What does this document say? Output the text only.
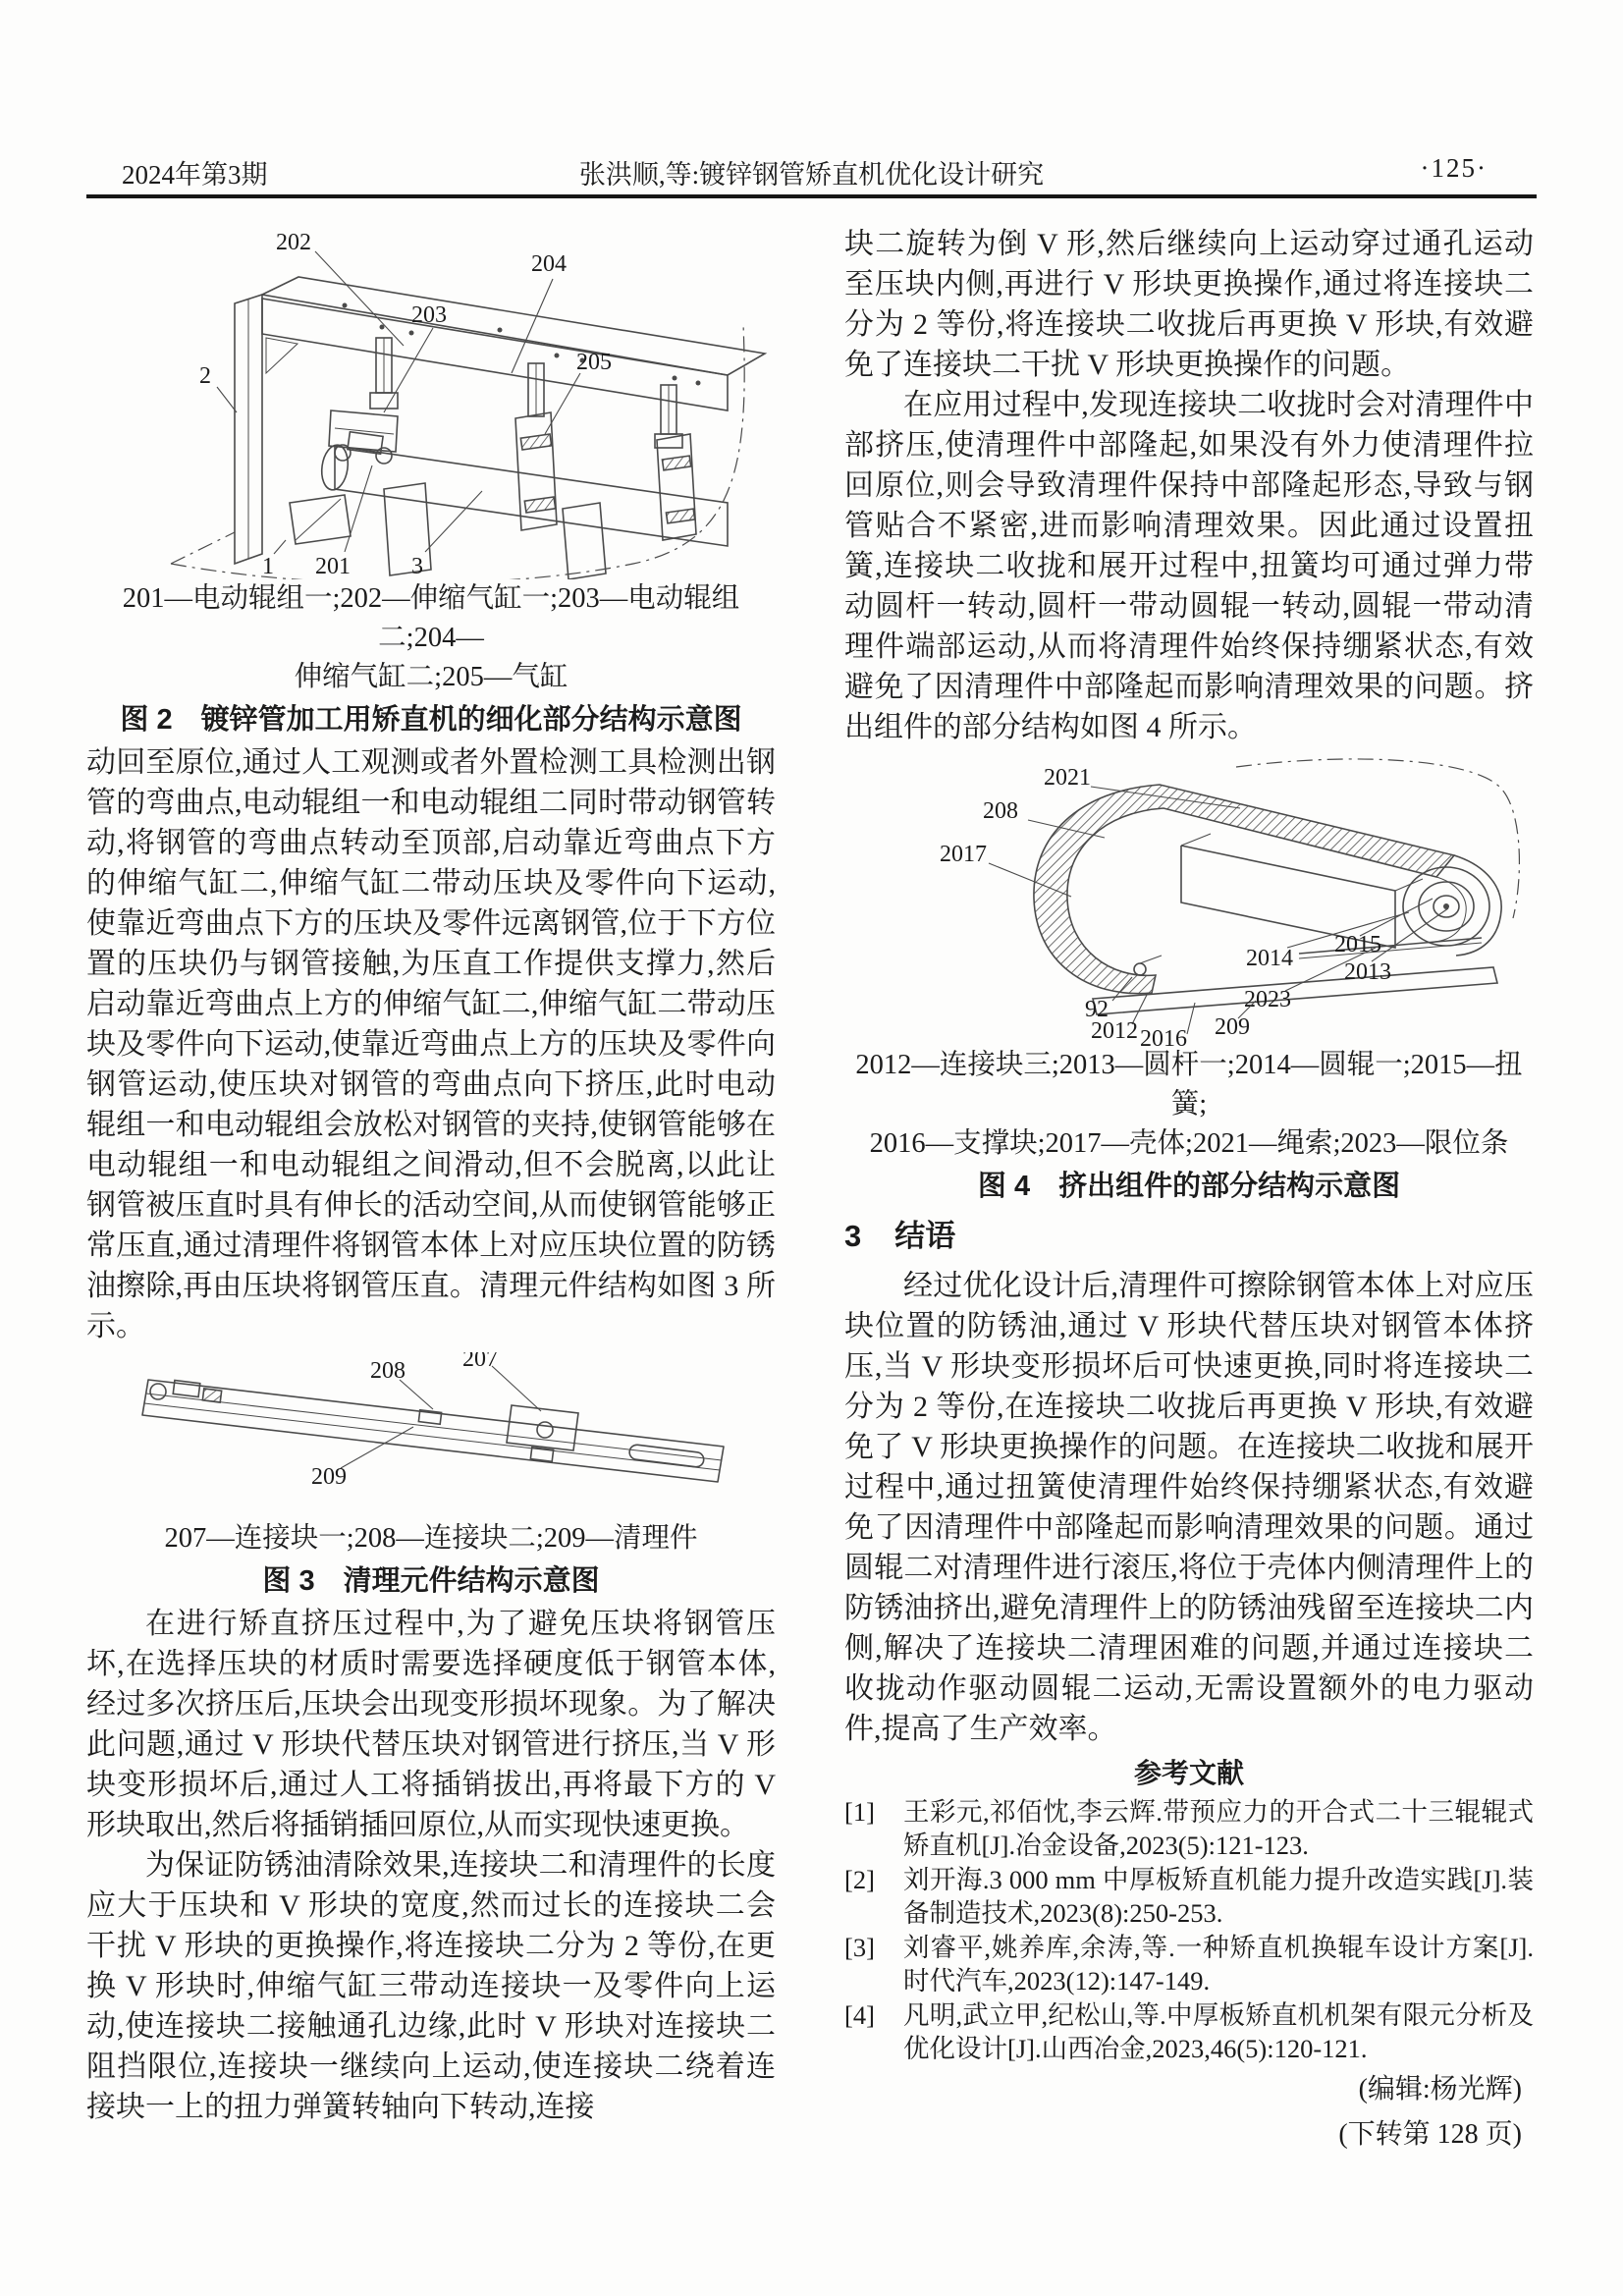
2024年第3期	张洪顺,等:镀锌钢管矫直机优化设计研究	·125·
202
204
203
205
2
1 201	3
201—电动辊组一;202—伸缩气缸一;203—电动辊组二;204—
伸缩气缸二;205—气缸
图 2　镀锌管加工用矫直机的细化部分结构示意图

动回至原位,通过人工观测或者外置检测工具检测出钢管的弯曲点,电动辊组一和电动辊组二同时带动钢管转动,将钢管的弯曲点转动至顶部,启动靠近弯曲点下方的伸缩气缸二,伸缩气缸二带动压块及零件向下运动,使靠近弯曲点下方的压块及零件远离钢管,位于下方位置的压块仍与钢管接触,为压直工作提供支撑力,然后启动靠近弯曲点上方的伸缩气缸二,伸缩气缸二带动压块及零件向下运动,使靠近弯曲点上方的压块及零件向钢管运动,使压块对钢管的弯曲点向下挤压,此时电动辊组一和电动辊组会放松对钢管的夹持,使钢管能够在电动辊组一和电动辊组之间滑动,但不会脱离,以此让钢管被压直时具有伸长的活动空间,从而使钢管能够正常压直,通过清理件将钢管本体上对应压块位置的防锈油擦除,再由压块将钢管压直。清理元件结构如图 3 所示。

208 207
209
207—连接块一;208—连接块二;209—清理件
图 3　清理元件结构示意图

在进行矫直挤压过程中,为了避免压块将钢管压坏,在选择压块的材质时需要选择硬度低于钢管本体,经过多次挤压后,压块会出现变形损坏现象。为了解决此问题,通过 V 形块代替压块对钢管进行挤压,当 V 形块变形损坏后,通过人工将插销拔出,再将最下方的 V 形块取出,然后将插销插回原位,从而实现快速更换。

为保证防锈油清除效果,连接块二和清理件的长度应大于压块和 V 形块的宽度,然而过长的连接块二会干扰 V 形块的更换操作,将连接块二分为 2 等份,在更换 V 形块时,伸缩气缸三带动连接块一及零件向上运动,使连接块二接触通孔边缘,此时 V 形块对连接块二阻挡限位,连接块一继续向上运动,使连接块二绕着连接块一上的扭力弹簧转轴向下转动,连接

块二旋转为倒 V 形,然后继续向上运动穿过通孔运动至压块内侧,再进行 V 形块更换操作,通过将连接块二分为 2 等份,将连接块二收拢后再更换 V 形块,有效避免了连接块二干扰 V 形块更换操作的问题。

在应用过程中,发现连接块二收拢时会对清理件中部挤压,使清理件中部隆起,如果没有外力使清理件拉回原位,则会导致清理件保持中部隆起形态,导致与钢管贴合不紧密,进而影响清理效果。因此通过设置扭簧,连接块二收拢和展开过程中,扭簧均可通过弹力带动圆杆一转动,圆杆一带动圆辊一转动,圆辊一带动清理件端部运动,从而将清理件始终保持绷紧状态,有效避免了因清理件中部隆起而影响清理效果的问题。挤出组件的部分结构如图 4 所示。

2021
208
2017
2014
2015
2013
2023
92
2012 2016 209
2012—连接块三;2013—圆杆一;2014—圆辊一;2015—扭簧;
2016—支撑块;2017—壳体;2021—绳索;2023—限位条
图 4　挤出组件的部分结构示意图
3 结语

经过优化设计后,清理件可擦除钢管本体上对应压块位置的防锈油,通过 V 形块代替压块对钢管本体挤压,当 V 形块变形损坏后可快速更换,同时将连接块二分为 2 等份,在连接块二收拢后再更换 V 形块,有效避免了 V 形块更换操作的问题。在连接块二收拢和展开过程中,通过扭簧使清理件始终保持绷紧状态,有效避免了因清理件中部隆起而影响清理效果的问题。通过圆辊二对清理件进行滚压,将位于壳体内侧清理件上的防锈油挤出,避免清理件上的防锈油残留至连接块二内侧,解决了连接块二清理困难的问题,并通过连接块二收拢动作驱动圆辊二运动,无需设置额外的电力驱动件,提高了生产效率。

参考文献
[1]	王彩元,祁佰忱,李云辉.带预应力的开合式二十三辊辊式矫直机[J].冶金设备,2023(5):121-123.
[2]	刘开海.3 000 mm 中厚板矫直机能力提升改造实践[J].装备制造技术,2023(8):250-253.
[3]	刘睿平,姚养库,余涛,等.一种矫直机换辊车设计方案[J].时代汽车,2023(12):147-149.
[4]	凡明,武立甲,纪松山,等.中厚板矫直机机架有限元分析及优化设计[J].山西冶金,2023,46(5):120-121.
(编辑:杨光辉)
(下转第 128 页)
